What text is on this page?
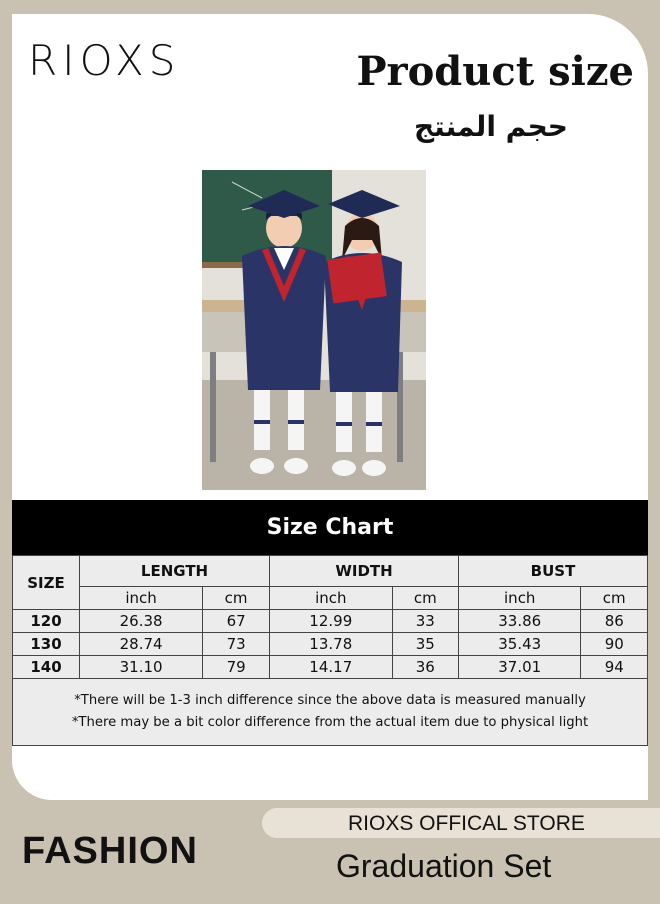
RIOXS	Product size
حجم المنتج
Size Chart
SIZE	LENGTH		WIDTH		BUST	
	inch	cm	inch	cm	inch	cm
120	26.38	67	12.99	33	33.86	86
130	28.74	73	13.78	35	35.43	90
140	31.10	79	14.17	36	37.01	94
*There will be 1-3 inch difference since the above data is measured manually
*There may be a bit color difference from the actual item due to physical light
FASHION
RIOXS OFFICAL STORE
Graduation Set
